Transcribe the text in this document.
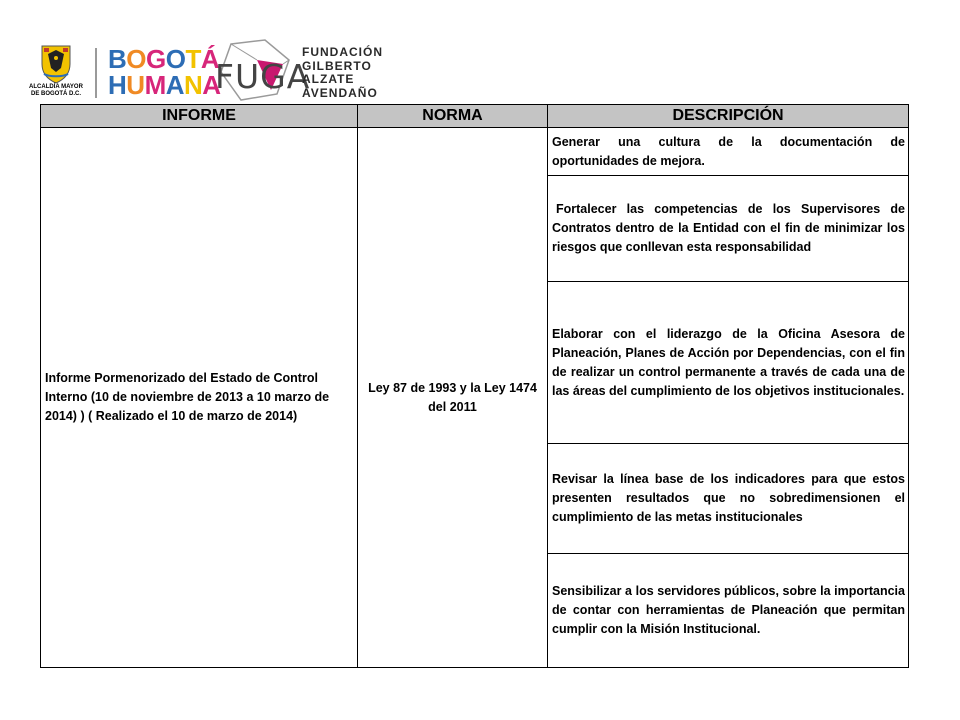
ALCALDÍA MAYOR
DE BOGOTÁ D.C.
BOGOTÁ
HUMANA
FUGA
FUNDACIÓN
GILBERTO
ALZATE
AVENDAÑO
INFORME	NORMA	DESCRIPCIÓN
Informe Pormenorizado del Estado de Control Interno (10 de noviembre de 2013 a 10 marzo de 2014) ) ( Realizado el 10 de marzo de 2014)	Ley 87 de 1993 y la Ley 1474 del 2011	Generar una cultura de la documentación de oportunidades de mejora.

		Fortalecer las competencias de los Supervisores de Contratos dentro de la Entidad con el fin de minimizar los riesgos que conllevan esta responsabilidad

		Elaborar con el liderazgo de la Oficina Asesora de Planeación, Planes de Acción por Dependencias, con el fin de realizar un control permanente a través de cada una de las áreas del cumplimiento de los objetivos institucionales.
		Revisar la línea base de los indicadores para que estos presenten resultados que no sobredimensionen el cumplimiento de las metas institucionales
		Sensibilizar a los servidores públicos, sobre la importancia de contar con herramientas de Planeación que permitan cumplir con la Misión Institucional.
